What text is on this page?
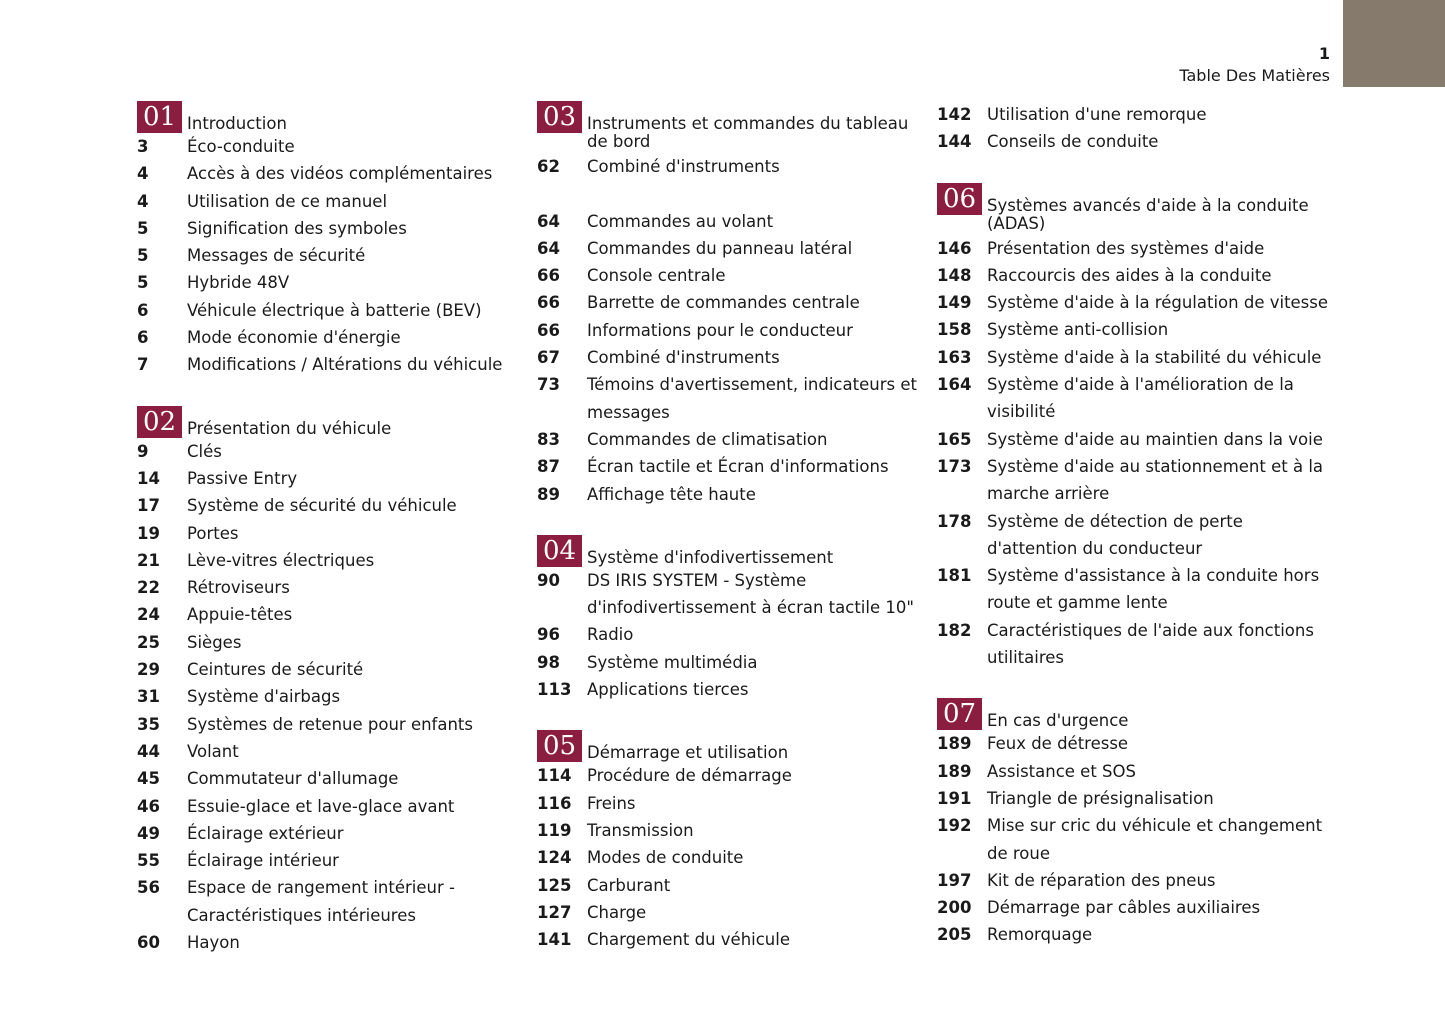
1
Table Des Matières
01 Introduction
3	Éco-conduite
4	Accès à des vidéos complémentaires
4	Utilisation de ce manuel
5	Signification des symboles
5	Messages de sécurité
5	Hybride 48V
6	Véhicule électrique à batterie (BEV)
6	Mode économie d'énergie
7	Modifications / Altérations du véhicule
02 Présentation du véhicule
9	Clés
14	Passive Entry
17	Système de sécurité du véhicule
19	Portes
21	Lève-vitres électriques
22	Rétroviseurs
24	Appuie-têtes
25	Sièges
29	Ceintures de sécurité
31	Système d'airbags
35	Systèmes de retenue pour enfants
44	Volant
45	Commutateur d'allumage
46	Essuie-glace et lave-glace avant
49	Éclairage extérieur
55	Éclairage intérieur
56	Espace de rangement intérieur - Caractéristiques intérieures
60	Hayon
03 Instruments et commandes du tableau de bord
62	Combiné d'instruments
64	Commandes au volant
64	Commandes du panneau latéral
66	Console centrale
66	Barrette de commandes centrale
66	Informations pour le conducteur
67	Combiné d'instruments
73	Témoins d'avertissement, indicateurs et messages
83	Commandes de climatisation
87	Écran tactile et Écran d'informations
89	Affichage tête haute
04 Système d'infodivertissement
90	DS IRIS SYSTEM - Système d'infodivertissement à écran tactile 10"
96	Radio
98	Système multimédia
113 Applications tierces
05 Démarrage et utilisation
114 Procédure de démarrage
116 Freins
119 Transmission
124 Modes de conduite
125 Carburant
127 Charge
141 Chargement du véhicule
142 Utilisation d'une remorque
144 Conseils de conduite
06 Systèmes avancés d'aide à la conduite (ADAS)
146 Présentation des systèmes d'aide
148 Raccourcis des aides à la conduite
149 Système d'aide à la régulation de vitesse
158 Système anti-collision
163 Système d'aide à la stabilité du véhicule
164 Système d'aide à l'amélioration de la visibilité
165 Système d'aide au maintien dans la voie
173 Système d'aide au stationnement et à la marche arrière
178 Système de détection de perte d'attention du conducteur
181 Système d'assistance à la conduite hors route et gamme lente
182 Caractéristiques de l'aide aux fonctions utilitaires
07 En cas d'urgence
189 Feux de détresse
189 Assistance et SOS
191 Triangle de présignalisation
192 Mise sur cric du véhicule et changement de roue
197 Kit de réparation des pneus
200 Démarrage par câbles auxiliaires
205 Remorquage
